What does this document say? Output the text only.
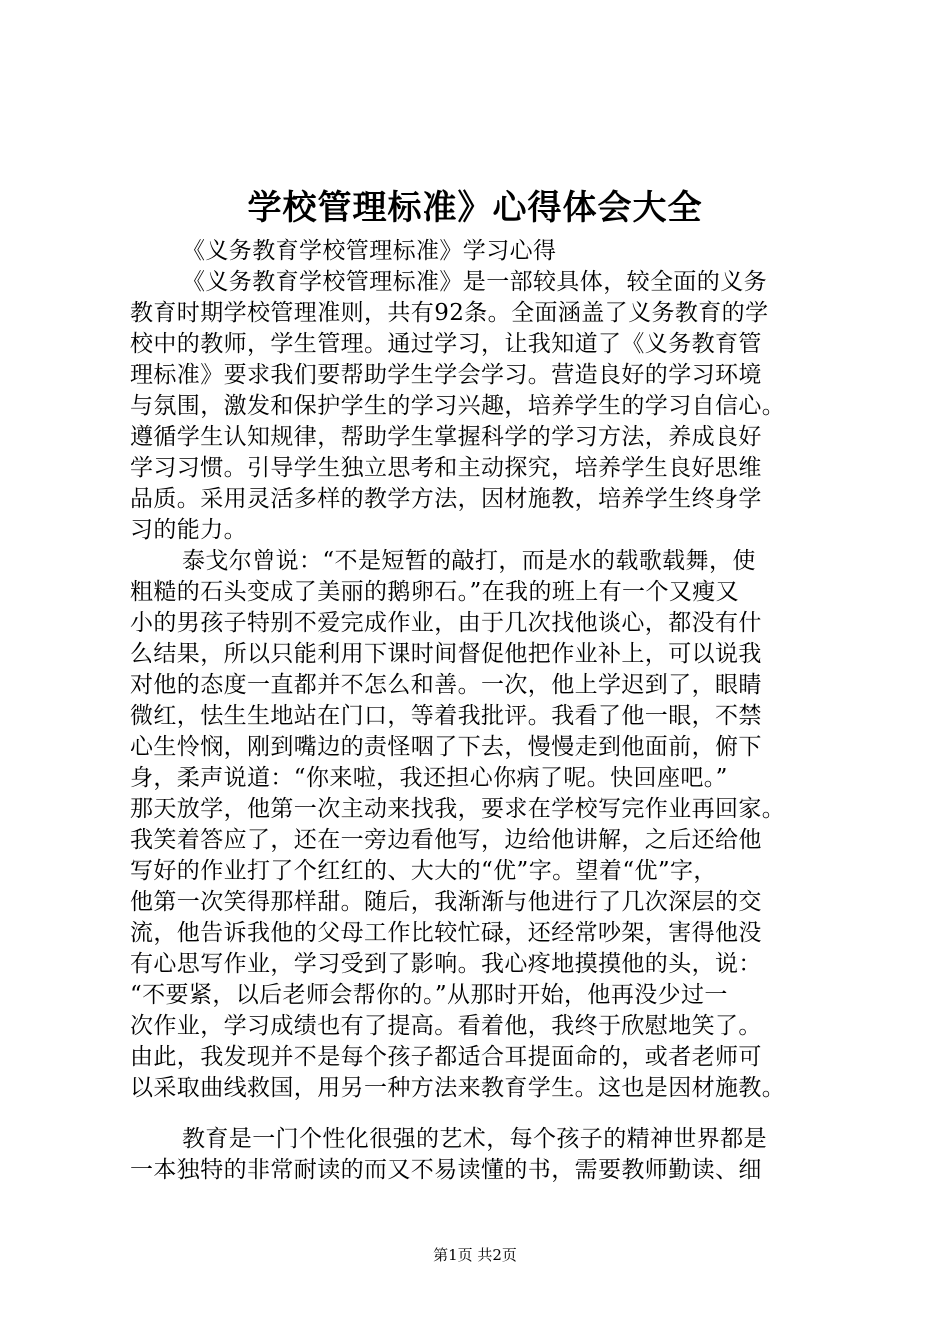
学校管理标准》心得体会大全
《义务教育学校管理标准》学习心得
《义务教育学校管理标准》是一部较具体，较全面的义务
教育时期学校管理准则，共有92条。全面涵盖了义务教育的学
校中的教师，学生管理。通过学习，让我知道了《义务教育管
理标准》要求我们要帮助学生学会学习。营造良好的学习环境
与氛围，激发和保护学生的学习兴趣，培养学生的学习自信心。
遵循学生认知规律，帮助学生掌握科学的学习方法，养成良好
学习习惯。引导学生独立思考和主动探究，培养学生良好思维
品质。采用灵活多样的教学方法，因材施教，培养学生终身学
习的能力。
泰戈尔曾说：“不是短暂的敲打，而是水的载歌载舞，使
粗糙的石头变成了美丽的鹅卵石。”在我的班上有一个又瘦又
小的男孩子特别不爱完成作业，由于几次找他谈心，都没有什
么结果，所以只能利用下课时间督促他把作业补上，可以说我
对他的态度一直都并不怎么和善。一次，他上学迟到了，眼睛
微红，怯生生地站在门口，等着我批评。我看了他一眼，不禁
心生怜悯，刚到嘴边的责怪咽了下去，慢慢走到他面前，俯下
身，柔声说道：“你来啦，我还担心你病了呢。快回座吧。”
那天放学，他第一次主动来找我，要求在学校写完作业再回家。
我笑着答应了，还在一旁边看他写，边给他讲解，之后还给他
写好的作业打了个红红的、大大的“优”字。望着“优”字，
他第一次笑得那样甜。随后，我渐渐与他进行了几次深层的交
流，他告诉我他的父母工作比较忙碌，还经常吵架，害得他没
有心思写作业，学习受到了影响。我心疼地摸摸他的头，说：
“不要紧，以后老师会帮你的。”从那时开始，他再没少过一
次作业，学习成绩也有了提高。看着他，我终于欣慰地笑了。
由此，我发现并不是每个孩子都适合耳提面命的，或者老师可
以采取曲线救国，用另一种方法来教育学生。这也是因材施教。
教育是一门个性化很强的艺术，每个孩子的精神世界都是
一本独特的非常耐读的而又不易读懂的书，需要教师勤读、细
第1页 共2页
